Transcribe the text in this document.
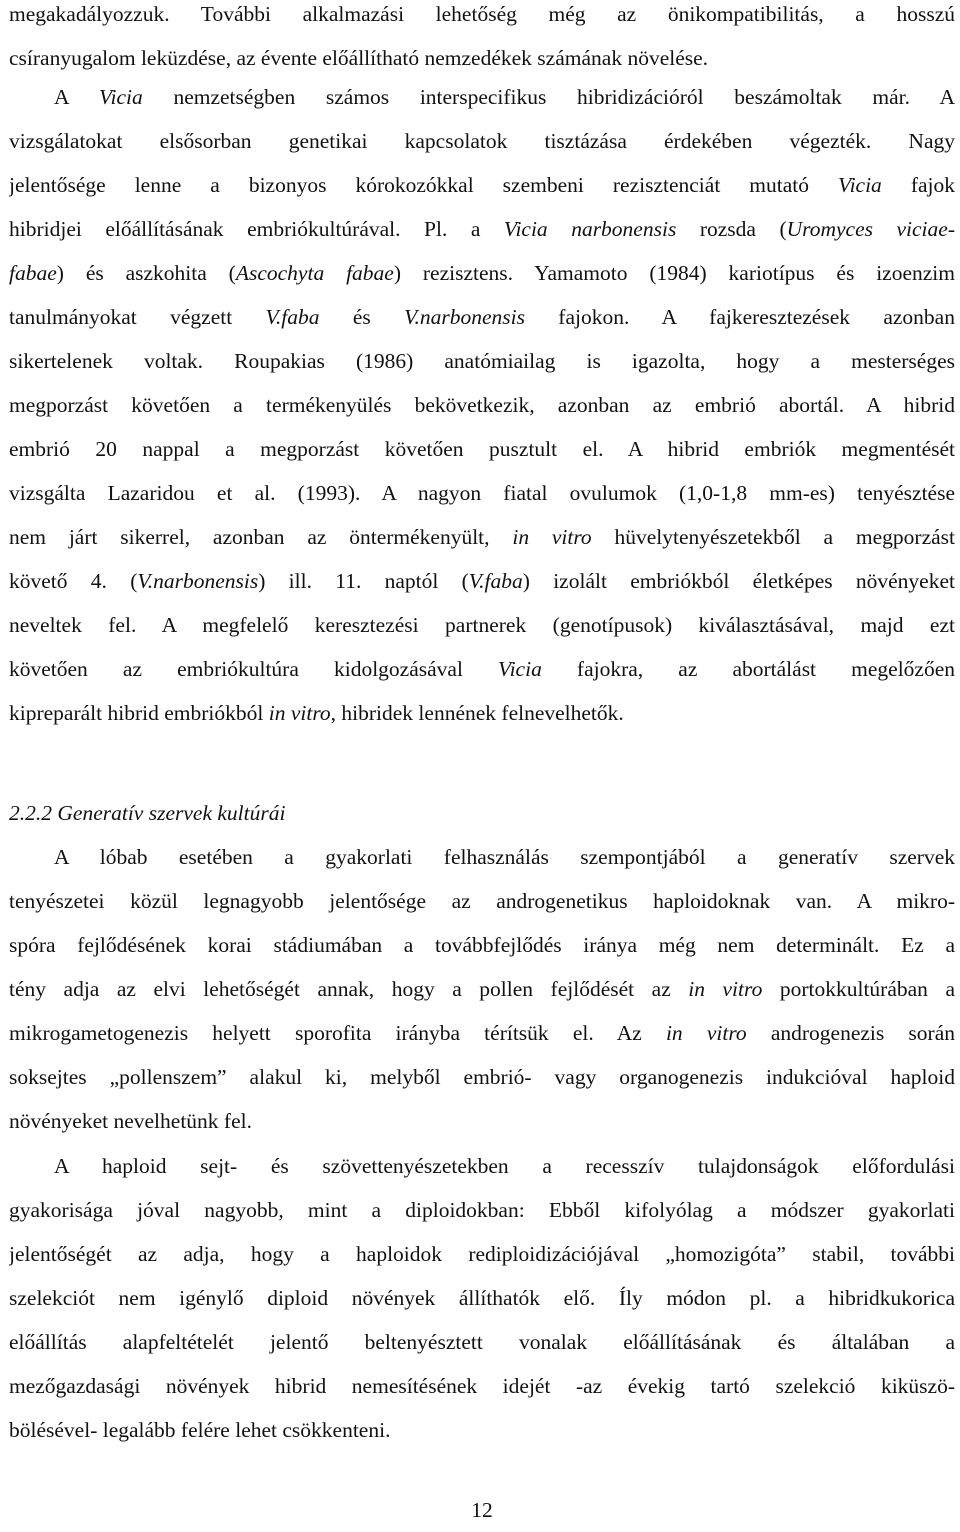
megakadályozzuk. További alkalmazási lehetőség még az önikompatibilitás, a hosszú
csíranyugalom leküzdése, az évente előállítható nemzedékek számának növelése.
A Vicia nemzetségben számos interspecifikus hibridizációról beszámoltak már. A
vizsgálatokat elsősorban genetikai kapcsolatok tisztázása érdekében végezték. Nagy
jelentősége lenne a bizonyos kórokozókkal szembeni rezisztenciát mutató Vicia fajok
hibridjei előállításának embriókultúrával. Pl. a Vicia narbonensis rozsda (Uromyces viciae-
fabae) és aszkohita (Ascochyta fabae) rezisztens. Yamamoto (1984) kariotípus és izoenzim
tanulmányokat végzett V.faba és V.narbonensis fajokon. A fajkeresztezések azonban
sikertelenek voltak. Roupakias (1986) anatómiailag is igazolta, hogy a mesterséges
megporzást követően a termékenyülés bekövetkezik, azonban az embrió abortál. A hibrid
embrió 20 nappal a megporzást követően pusztult el. A hibrid embriók megmentését
vizsgálta Lazaridou et al. (1993). A nagyon fiatal ovulumok (1,0-1,8 mm-es) tenyésztése
nem járt sikerrel, azonban az öntermékenyült, in vitro hüvelytenyészetekből a megporzást
követő 4. (V.narbonensis) ill. 11. naptól (V.faba) izolált embriókból életképes növényeket
neveltek fel. A megfelelő keresztezési partnerek (genotípusok) kiválasztásával, majd ezt
követően az embriókultúra kidolgozásával Vicia fajokra, az abortálást megelőzően
kipreparált hibrid embriókból in vitro, hibridek lennének felnevelhetők.
2.2.2 Generatív szervek kultúrái
A lóbab esetében a gyakorlati felhasználás szempontjából a generatív szervek
tenyészetei közül legnagyobb jelentősége az androgenetikus haploidoknak van. A mikro-
spóra fejlődésének korai stádiumában a továbbfejlődés iránya még nem determinált. Ez a
tény adja az elvi lehetőségét annak, hogy a pollen fejlődését az in vitro portokkultúrában a
mikrogametogenezis helyett sporofita irányba térítsük el. Az in vitro androgenezis során
soksejtes „pollenszem” alakul ki, melyből embrió- vagy organogenezis indukcióval haploid
növényeket nevelhetünk fel.
A haploid sejt- és szövettenyészetekben a recesszív tulajdonságok előfordulási
gyakorisága jóval nagyobb, mint a diploidokban: Ebből kifolyólag a módszer gyakorlati
jelentőségét az adja, hogy a haploidok rediploidizációjával „homozigóta” stabil, további
szelekciót nem igénylő diploid növények állíthatók elő. Íly módon pl. a hibridkukorica
előállítás alapfeltételét jelentő beltenyésztett vonalak előállításának és általában a
mezőgazdasági növények hibrid nemesítésének idejét -az évekig tartó szelekció kiküszö-
bölésével- legalább felére lehet csökkenteni.
12
